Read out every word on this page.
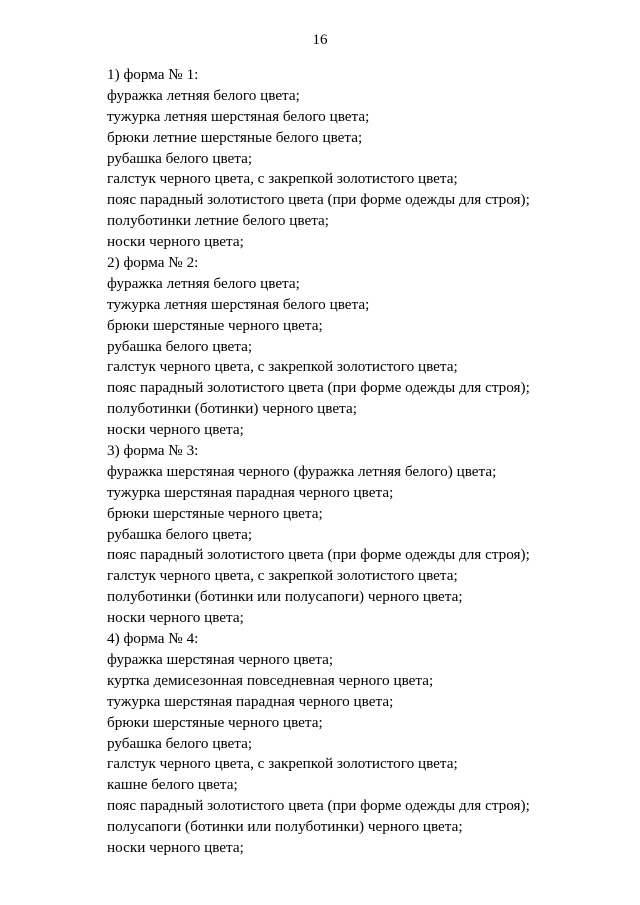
16
1) форма № 1:
фуражка летняя белого цвета;
тужурка летняя шерстяная белого цвета;
брюки летние шерстяные белого цвета;
рубашка белого цвета;
галстук черного цвета, с закрепкой золотистого цвета;
пояс парадный золотистого цвета (при форме одежды для строя);
полуботинки летние белого цвета;
носки черного цвета;
2) форма № 2:
фуражка летняя белого цвета;
тужурка летняя шерстяная белого цвета;
брюки шерстяные черного цвета;
рубашка белого цвета;
галстук черного цвета, с закрепкой золотистого цвета;
пояс парадный золотистого цвета (при форме одежды для строя);
полуботинки (ботинки) черного цвета;
носки черного цвета;
3) форма № 3:
фуражка шерстяная черного (фуражка летняя белого) цвета;
тужурка шерстяная парадная черного цвета;
брюки шерстяные черного цвета;
рубашка белого цвета;
пояс парадный золотистого цвета (при форме одежды для строя);
галстук черного цвета, с закрепкой золотистого цвета;
полуботинки (ботинки или полусапоги) черного цвета;
носки черного цвета;
4) форма № 4:
фуражка шерстяная черного цвета;
куртка демисезонная повседневная черного цвета;
тужурка шерстяная парадная черного цвета;
брюки шерстяные черного цвета;
рубашка белого цвета;
галстук черного цвета, с закрепкой золотистого цвета;
кашне белого цвета;
пояс парадный золотистого цвета (при форме одежды для строя);
полусапоги (ботинки или полуботинки) черного цвета;
носки черного цвета;
